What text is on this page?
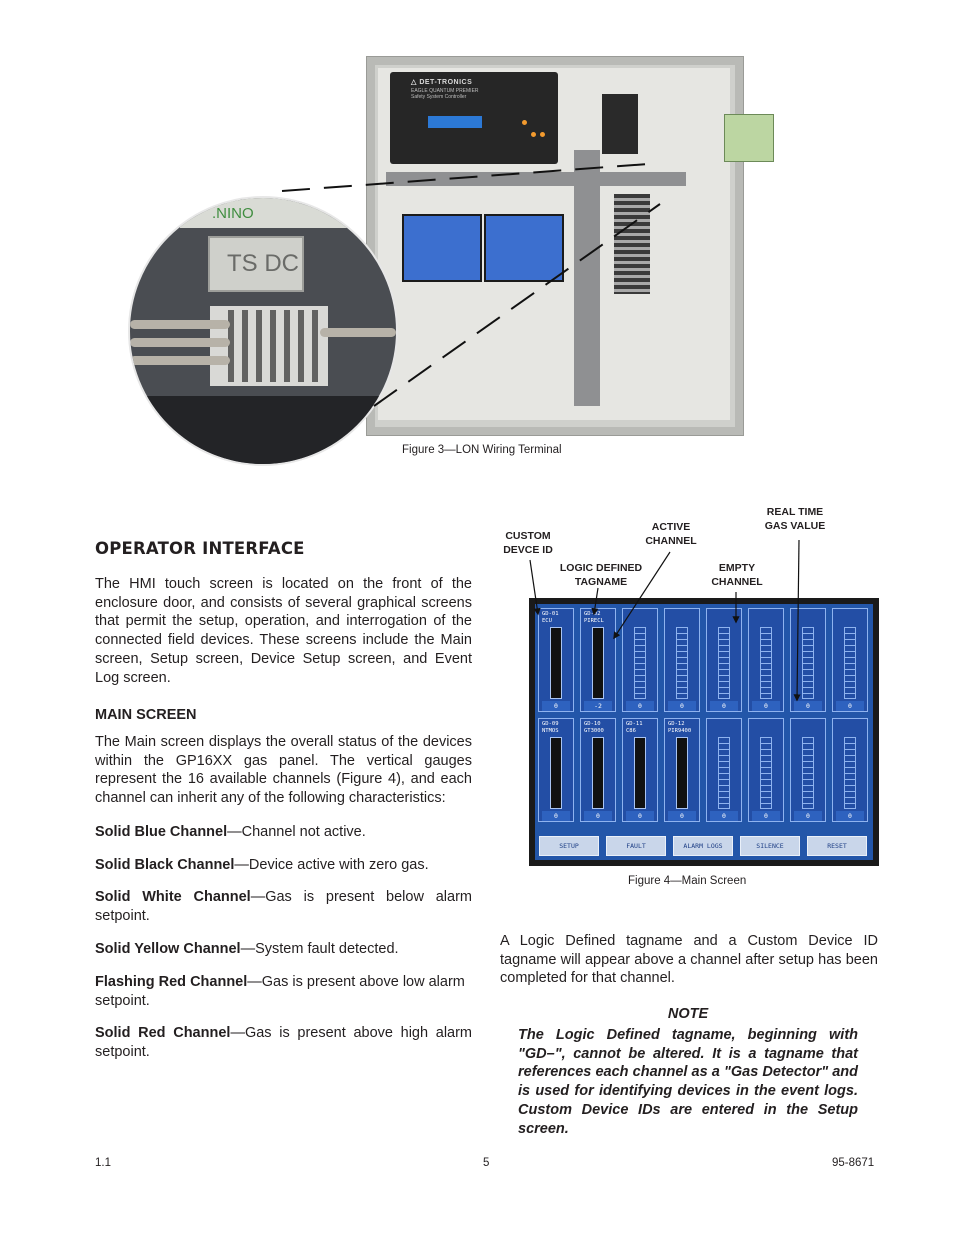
△ DET-TRONICS
EAGLE QUANTUM PREMIER
Safety System Controller
.NINO
TS DC
Figure 3—LON Wiring Terminal
OPERATOR INTERFACE
The HMI touch screen is located on the front of the enclosure door, and consists of several graphical screens that permit the setup, operation, and interrogation of the connected field devices. These screens include the Main screen, Setup screen, Device Setup screen, and Event Log screen.
MAIN SCREEN
The Main screen displays the overall status of the devices within the GP16XX gas panel. The vertical gauges represent the 16 available channels (Figure 4), and each channel can inherit any of the following characteristics:
Solid Blue Channel—Channel not active.
Solid Black Channel—Device active with zero gas.
Solid White Channel—Gas is present below alarm setpoint.
Solid Yellow Channel—System fault detected.
Flashing Red Channel—Gas is present above low alarm setpoint.
Solid Red Channel—Gas is present above high alarm setpoint.
CUSTOM
DEVCE ID
LOGIC DEFINED
TAGNAME
ACTIVE
CHANNEL
EMPTY
CHANNEL
REAL TIME
GAS VALUE
GD-01
ECU
0
GD-02
PIRECL
-2	0	0	0	0	0	0
GD-09
NTMOS
0
GD-10
GT3000
0
GD-11
C86
0
GD-12
PIR9400
0	0	0	0	0
SETUP	FAULT	ALARM LOGS	SILENCE	RESET
Figure 4—Main Screen
A Logic Defined tagname and a Custom Device ID tagname will appear above a channel after setup has been completed for that channel.
NOTE
The Logic Defined tagname, beginning with "GD–", cannot be altered. It is a tagname that references each channel as a "Gas Detector" and is used for identifying devices in the event logs. Custom Device IDs are entered in the Setup screen.
1.1	5	95-8671
